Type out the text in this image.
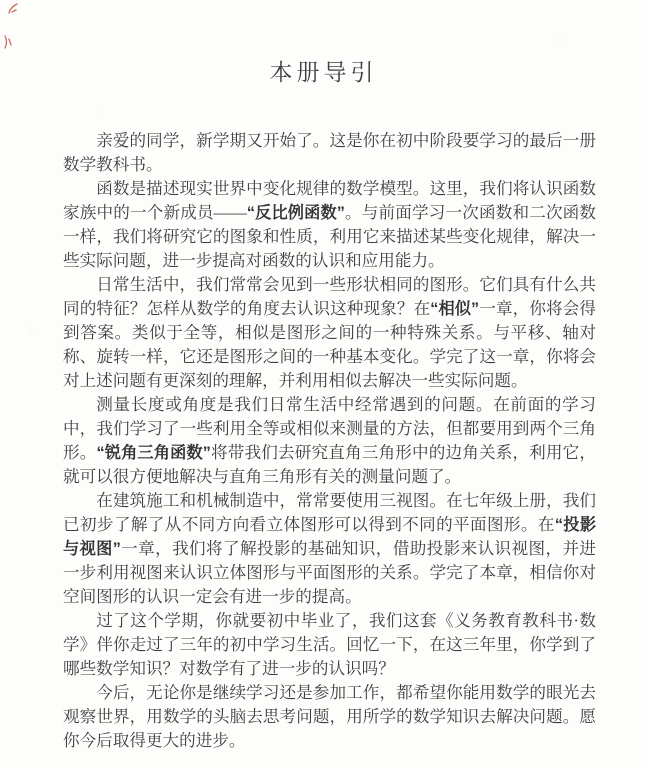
本册导引

亲爱的同学，新学期又开始了。这是你在初中阶段要学习的最后一册数学教科书。

函数是描述现实世界中变化规律的数学模型。这里，我们将认识函数家族中的一个新成员——“反比例函数”。与前面学习一次函数和二次函数一样，我们将研究它的图象和性质，利用它来描述某些变化规律，解决一些实际问题，进一步提高对函数的认识和应用能力。

日常生活中，我们常常会见到一些形状相同的图形。它们具有什么共同的特征？怎样从数学的角度去认识这种现象？在“相似”一章，你将会得到答案。类似于全等，相似是图形之间的一种特殊关系。与平移、轴对称、旋转一样，它还是图形之间的一种基本变化。学完了这一章，你将会对上述问题有更深刻的理解，并利用相似去解决一些实际问题。

测量长度或角度是我们日常生活中经常遇到的问题。在前面的学习中，我们学习了一些利用全等或相似来测量的方法，但都要用到两个三角形。“锐角三角函数”将带我们去研究直角三角形中的边角关系，利用它，就可以很方便地解决与直角三角形有关的测量问题了。

在建筑施工和机械制造中，常常要使用三视图。在七年级上册，我们已初步了解了从不同方向看立体图形可以得到不同的平面图形。在“投影与视图”一章，我们将了解投影的基础知识，借助投影来认识视图，并进一步利用视图来认识立体图形与平面图形的关系。学完了本章，相信你对空间图形的认识一定会有进一步的提高。

过了这个学期，你就要初中毕业了，我们这套《义务教育教科书·数学》伴你走过了三年的初中学习生活。回忆一下，在这三年里，你学到了哪些数学知识？对数学有了进一步的认识吗？

今后，无论你是继续学习还是参加工作，都希望你能用数学的眼光去观察世界，用数学的头脑去思考问题，用所学的数学知识去解决问题。愿你今后取得更大的进步。
